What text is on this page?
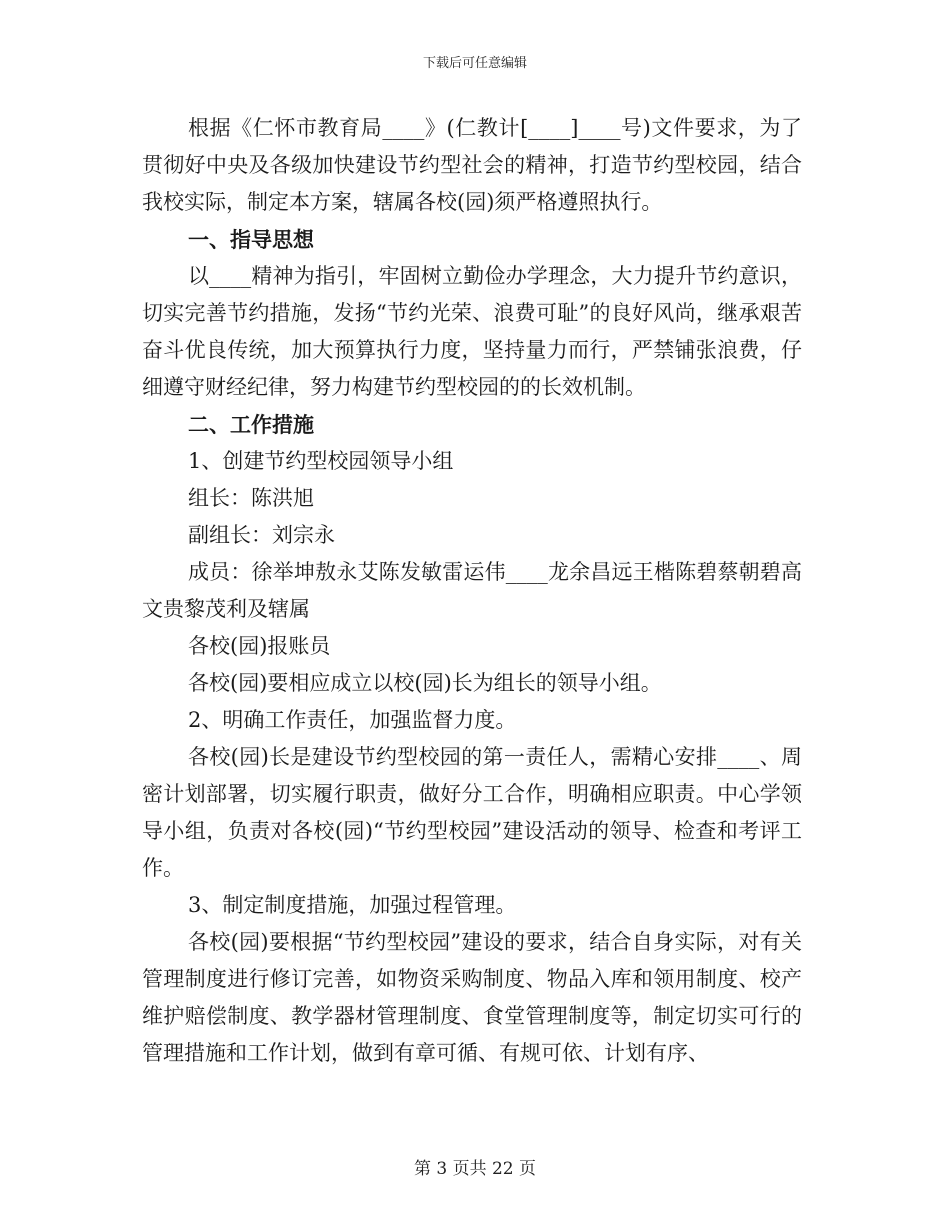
下载后可任意编辑

根据《仁怀市教育局____》(仁教计[____]____号)文件要求，为了贯彻好中央及各级加快建设节约型社会的精神，打造节约型校园，结合我校实际，制定本方案，辖属各校(园)须严格遵照执行。

一、指导思想

以____精神为指引，牢固树立勤俭办学理念，大力提升节约意识，切实完善节约措施，发扬“节约光荣、浪费可耻”的良好风尚，继承艰苦奋斗优良传统，加大预算执行力度，坚持量力而行，严禁铺张浪费，仔细遵守财经纪律，努力构建节约型校园的的长效机制。

二、工作措施
1、创建节约型校园领导小组
组长：陈洪旭
副组长：刘宗永

成员：徐举坤敖永艾陈发敏雷运伟____龙余昌远王楷陈碧蔡朝碧高文贵黎茂利及辖属

各校(园)报账员
各校(园)要相应成立以校(园)长为组长的领导小组。
2、明确工作责任，加强监督力度。

各校(园)长是建设节约型校园的第一责任人，需精心安排____、周密计划部署，切实履行职责，做好分工合作，明确相应职责。中心学领导小组，负责对各校(园)“节约型校园”建设活动的领导、检查和考评工作。

3、制定制度措施，加强过程管理。

各校(园)要根据“节约型校园”建设的要求，结合自身实际，对有关管理制度进行修订完善，如物资采购制度、物品入库和领用制度、校产维护赔偿制度、教学器材管理制度、食堂管理制度等，制定切实可行的管理措施和工作计划，做到有章可循、有规可依、计划有序、

第 3 页共 22 页
